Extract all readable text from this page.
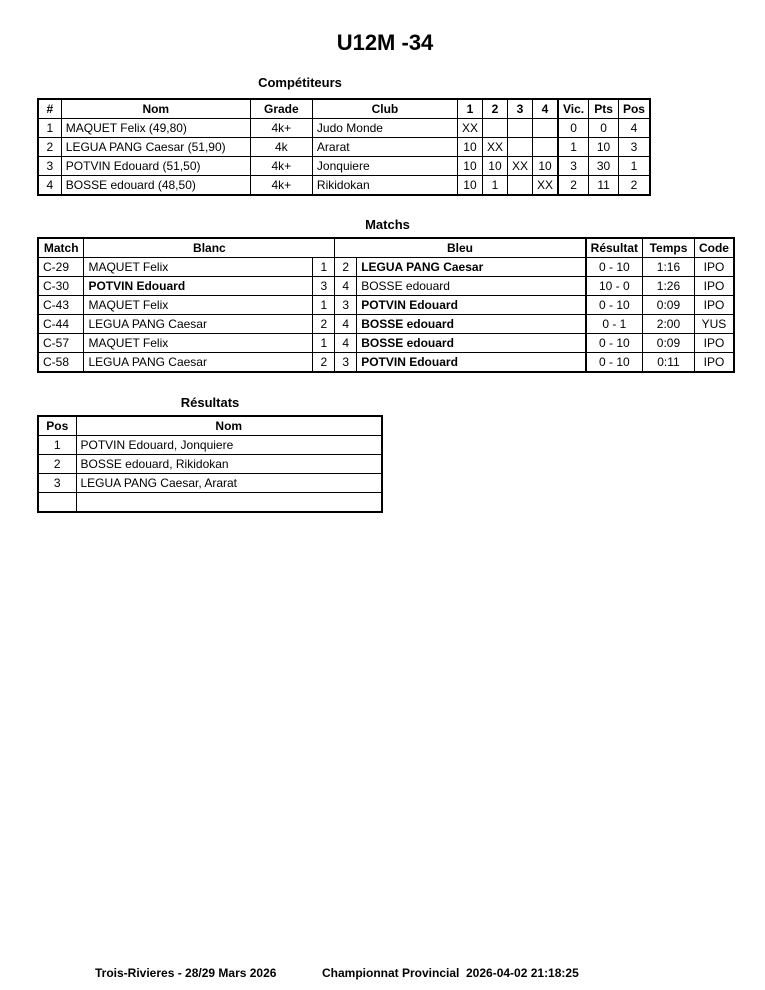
U12M -34
Compétiteurs
#	Nom	Grade	Club	1	2	3	4	Vic.	Pts	Pos
1	MAQUET Felix (49,80)	4k+	Judo Monde	XX				0	0	4
2	LEGUA PANG Caesar (51,90)	4k	Ararat	10	XX			1	10	3
3	POTVIN Edouard (51,50)	4k+	Jonquiere	10	10	XX	10	3	30	1
4	BOSSE edouard (48,50)	4k+	Rikidokan	10	1		XX	2	11	2
Matchs
Match	Blanc		Bleu		Résultat	Temps	Code
C-29	MAQUET Felix	1	2	LEGUA PANG Caesar	0 - 10	1:16	IPO
C-30	POTVIN Edouard	3	4	BOSSE edouard	10 - 0	1:26	IPO
C-43	MAQUET Felix	1	3	POTVIN Edouard	0 - 10	0:09	IPO
C-44	LEGUA PANG Caesar	2	4	BOSSE edouard	0 - 1	2:00	YUS
C-57	MAQUET Felix	1	4	BOSSE edouard	0 - 10	0:09	IPO
C-58	LEGUA PANG Caesar	2	3	POTVIN Edouard	0 - 10	0:11	IPO
Résultats
Pos	Nom
1	POTVIN Edouard, Jonquiere
2	BOSSE edouard, Rikidokan
3	LEGUA PANG Caesar, Ararat

Trois-Rivieres - 28/29 Mars 2026	Championnat Provincial 2026-04-02 21:18:25
